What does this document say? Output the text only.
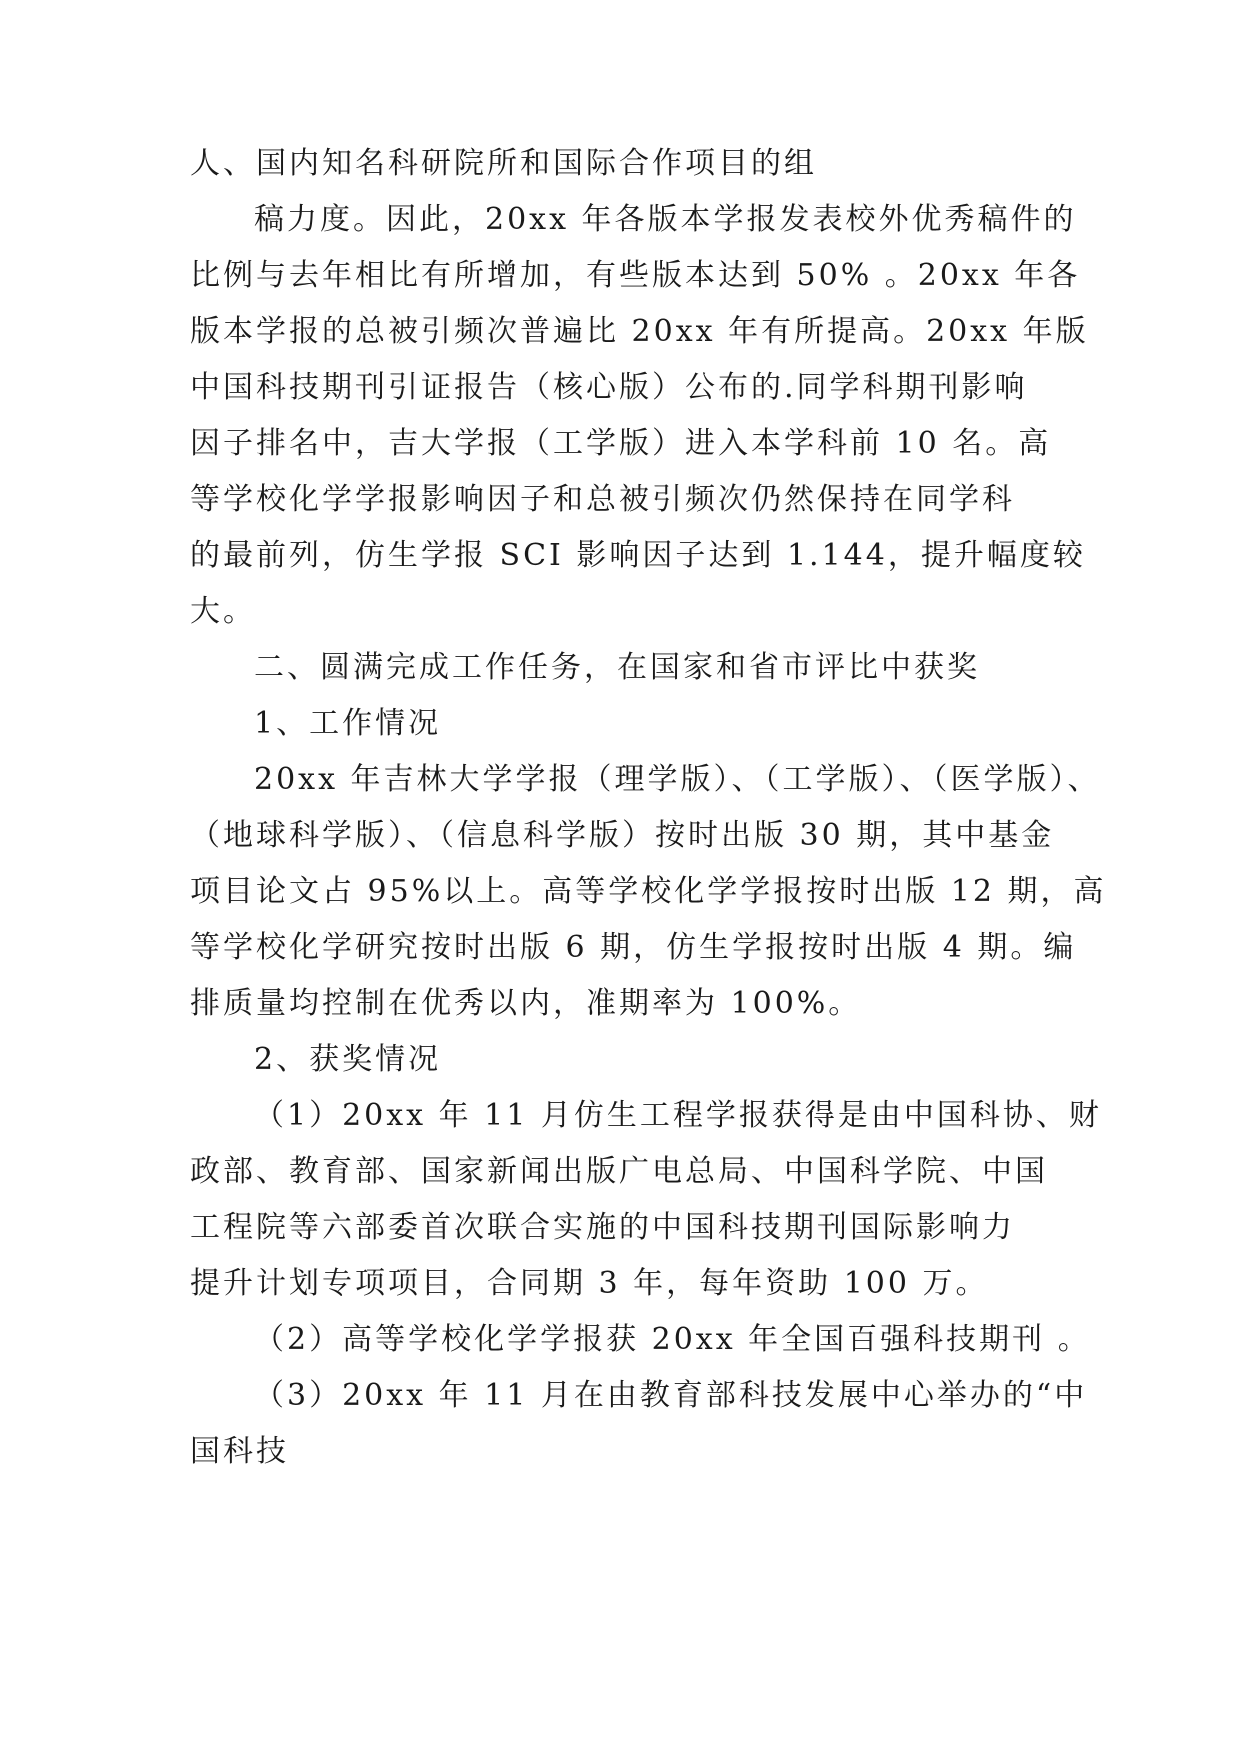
人、国内知名科研院所和国际合作项目的组

稿力度。因此，20xx 年各版本学报发表校外优秀稿件的

比例与去年相比有所增加，有些版本达到 50% 。20xx 年各

版本学报的总被引频次普遍比 20xx 年有所提高。20xx 年版

中国科技期刊引证报告（核心版）公布的.同学科期刊影响

因子排名中，吉大学报（工学版）进入本学科前 10 名。高

等学校化学学报影响因子和总被引频次仍然保持在同学科

的最前列，仿生学报 SCI 影响因子达到 1.144，提升幅度较

大。

二、圆满完成工作任务，在国家和省市评比中获奖

1、工作情况

20xx 年吉林大学学报（理学版）、（工学版）、（医学版）、

（地球科学版）、（信息科学版）按时出版 30 期，其中基金

项目论文占 95%以上。高等学校化学学报按时出版 12 期，高

等学校化学研究按时出版 6 期，仿生学报按时出版 4 期。编

排质量均控制在优秀以内，准期率为 100%。

2、获奖情况

（1）20xx 年 11 月仿生工程学报获得是由中国科协、财

政部、教育部、国家新闻出版广电总局、中国科学院、中国

工程院等六部委首次联合实施的中国科技期刊国际影响力

提升计划专项项目，合同期 3 年，每年资助 100 万。

（2）高等学校化学学报获 20xx 年全国百强科技期刊 。

（3）20xx 年 11 月在由教育部科技发展中心举办的“中

国科技
